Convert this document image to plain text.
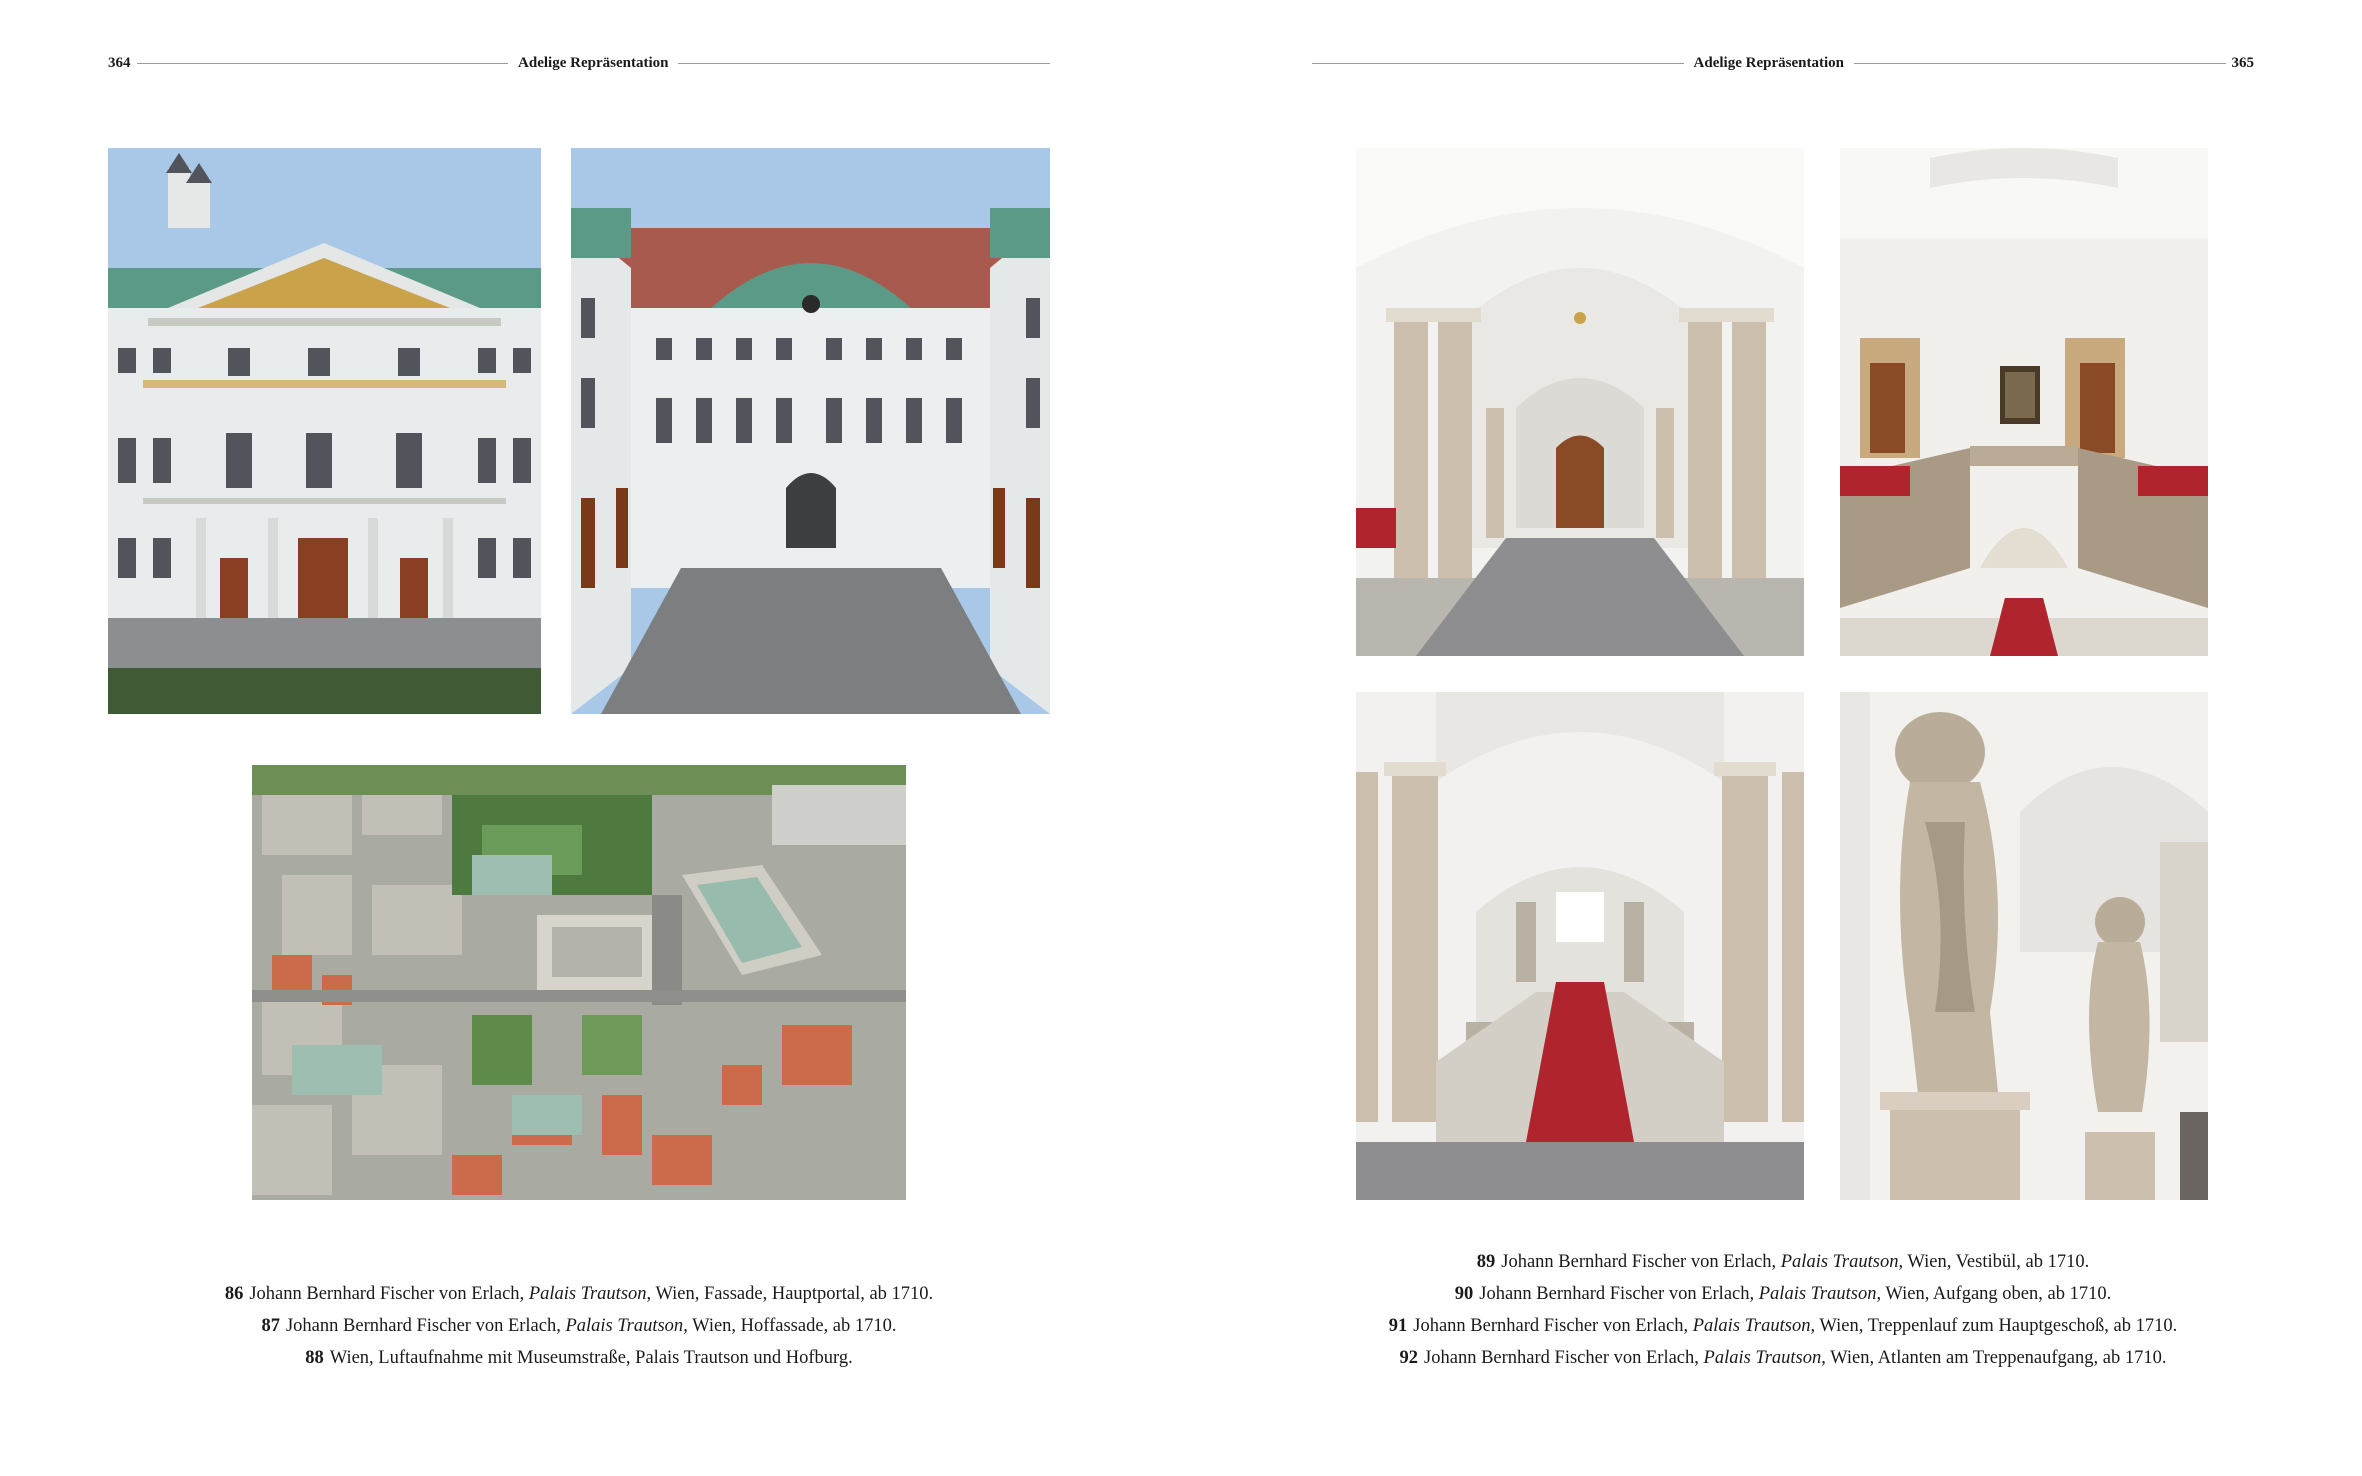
364	Adelige Repräsentation	Adelige Repräsentation	365
86 Johann Bernhard Fischer von Erlach, Palais Trautson, Wien, Fassade, Hauptportal, ab 1710.
87 Johann Bernhard Fischer von Erlach, Palais Trautson, Wien, Hoffassade, ab 1710.
88 Wien, Luftaufnahme mit Museumstraße, Palais Trautson und Hofburg.
89 Johann Bernhard Fischer von Erlach, Palais Trautson, Wien, Vestibül, ab 1710.
90 Johann Bernhard Fischer von Erlach, Palais Trautson, Wien, Aufgang oben, ab 1710.
91 Johann Bernhard Fischer von Erlach, Palais Trautson, Wien, Treppenlauf zum Hauptgeschoß, ab 1710.
92 Johann Bernhard Fischer von Erlach, Palais Trautson, Wien, Atlanten am Treppenaufgang, ab 1710.
